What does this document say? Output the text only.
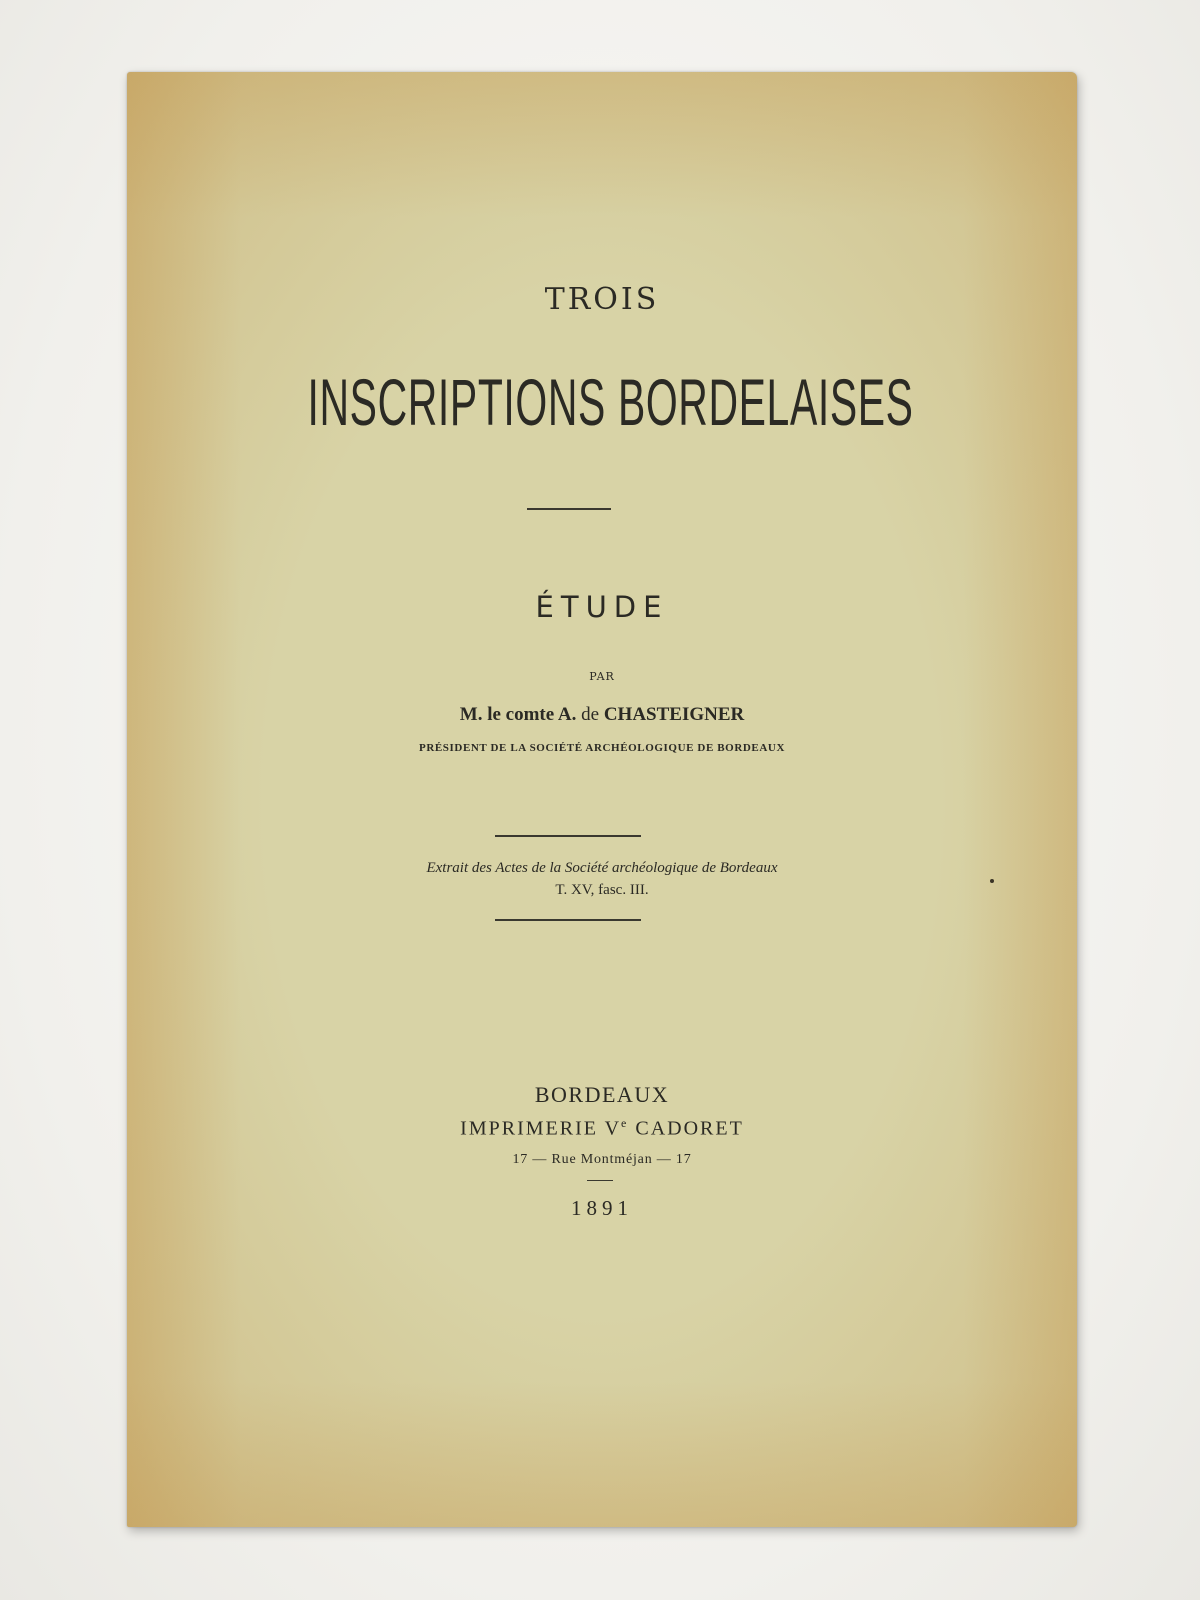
TROIS
INSCRIPTIONS BORDELAISES
ÉTUDE
PAR
M. le comte A. de CHASTEIGNER
PRÉSIDENT DE LA SOCIÉTÉ ARCHÉOLOGIQUE DE BORDEAUX
Extrait des Actes de la Société archéologique de Bordeaux
T. XV, fasc. III.
BORDEAUX
IMPRIMERIE Ve CADORET
17 — Rue Montméjan — 17
1891
